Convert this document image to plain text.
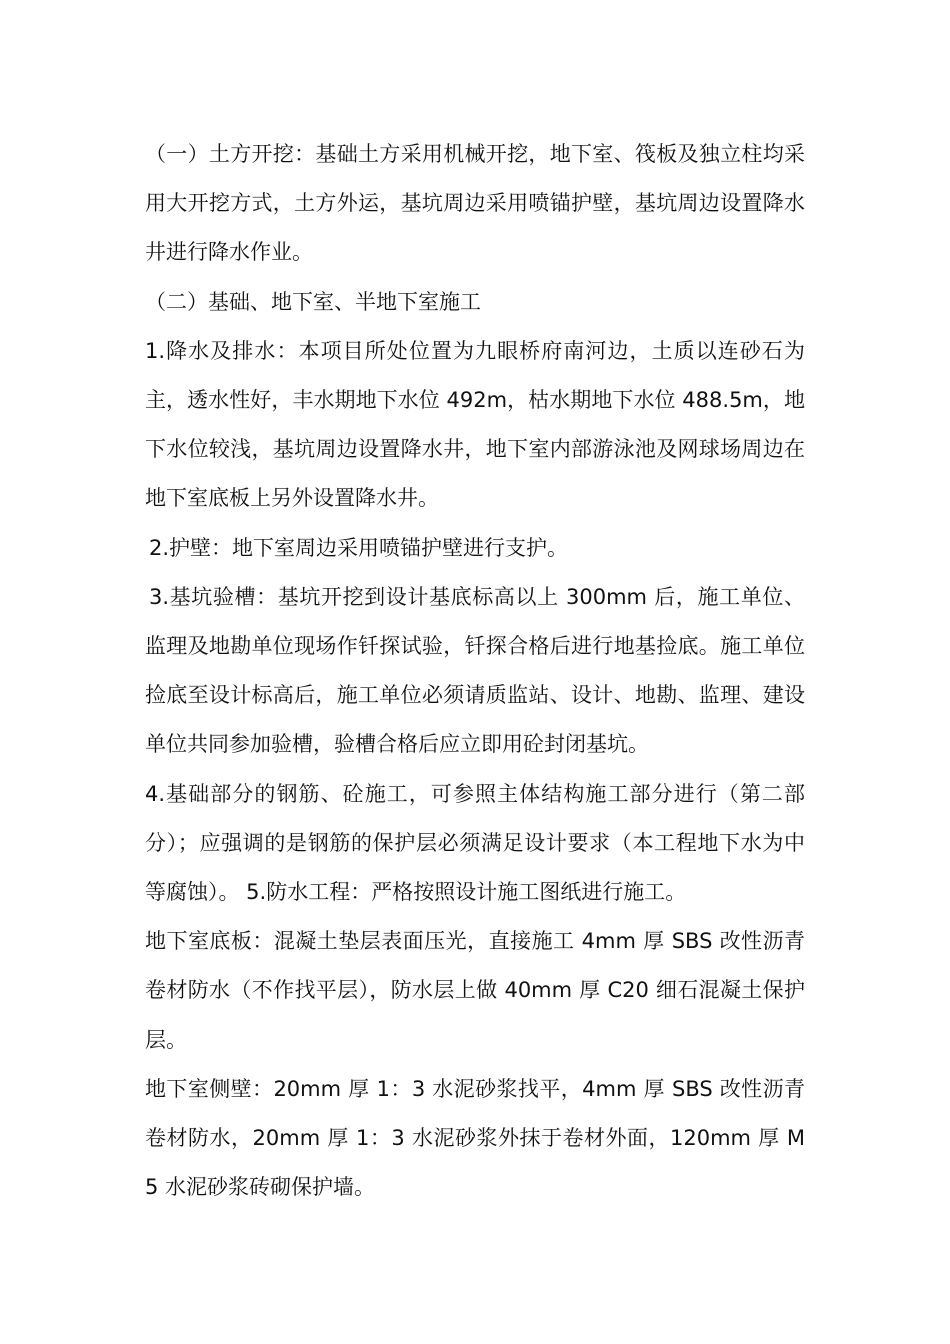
（一）土方开挖：基础土方采用机械开挖，地下室、筏板及独立柱均采用大开挖方式，土方外运，基坑周边采用喷锚护壁，基坑周边设置降水井进行降水作业。

（二）基础、地下室、半地下室施工

1.降水及排水：本项目所处位置为九眼桥府南河边，土质以连砂石为主，透水性好，丰水期地下水位 492m，枯水期地下水位 488.5m，地下水位较浅，基坑周边设置降水井，地下室内部游泳池及网球场周边在地下室底板上另外设置降水井。

2.护壁：地下室周边采用喷锚护壁进行支护。

3.基坑验槽：基坑开挖到设计基底标高以上 300mm 后，施工单位、监理及地勘单位现场作钎探试验，钎探合格后进行地基捡底。施工单位捡底至设计标高后，施工单位必须请质监站、设计、地勘、监理、建设单位共同参加验槽，验槽合格后应立即用砼封闭基坑。

4.基础部分的钢筋、砼施工，可参照主体结构施工部分进行（第二部分）；应强调的是钢筋的保护层必须满足设计要求（本工程地下水为中等腐蚀）。 5.防水工程：严格按照设计施工图纸进行施工。

地下室底板：混凝土垫层表面压光，直接施工 4mm 厚 SBS 改性沥青卷材防水（不作找平层），防水层上做 40mm 厚 C20 细石混凝土保护层。

地下室侧壁：20mm 厚 1：3 水泥砂浆找平，4mm 厚 SBS 改性沥青卷材防水，20mm 厚 1：3 水泥砂浆外抹于卷材外面，120mm 厚 M5 水泥砂浆砖砌保护墙。
